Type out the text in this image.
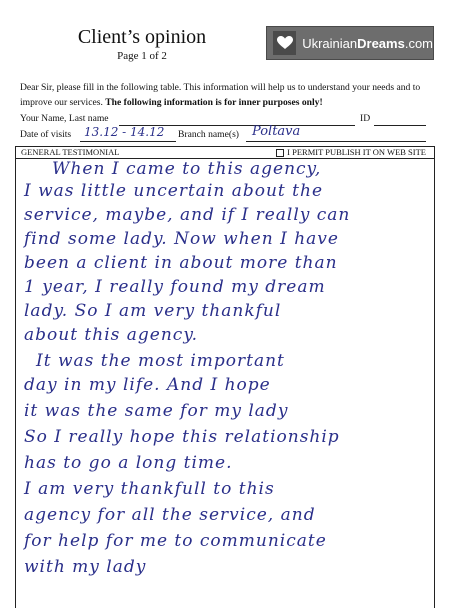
Client’s opinion
Page 1 of 2
UkrainianDreams.com
Dear Sir, please fill in the following table. This information will help us to understand your needs and to improve our services. The following information is for inner purposes only!
Your Name, Last name	ID
Date of visits 13.12 - 14.12 Branch name(s) Poltava
GENERAL TESTIMONIAL	I PERMIT PUBLISH IT ON WEB SITE
When I came to this agency,
I was little uncertain about the
service, maybe, and if I really can
find some lady. Now when I have
been a client in about more than
1 year, I really found my dream
lady. So I am very thankful
about this agency.
It was the most important
day in my life. And I hope
it was the same for my lady
So I really hope this relationship
has to go a long time.
I am very thankfull to this
agency for all the service, and
for help for me to communicate
with my lady
